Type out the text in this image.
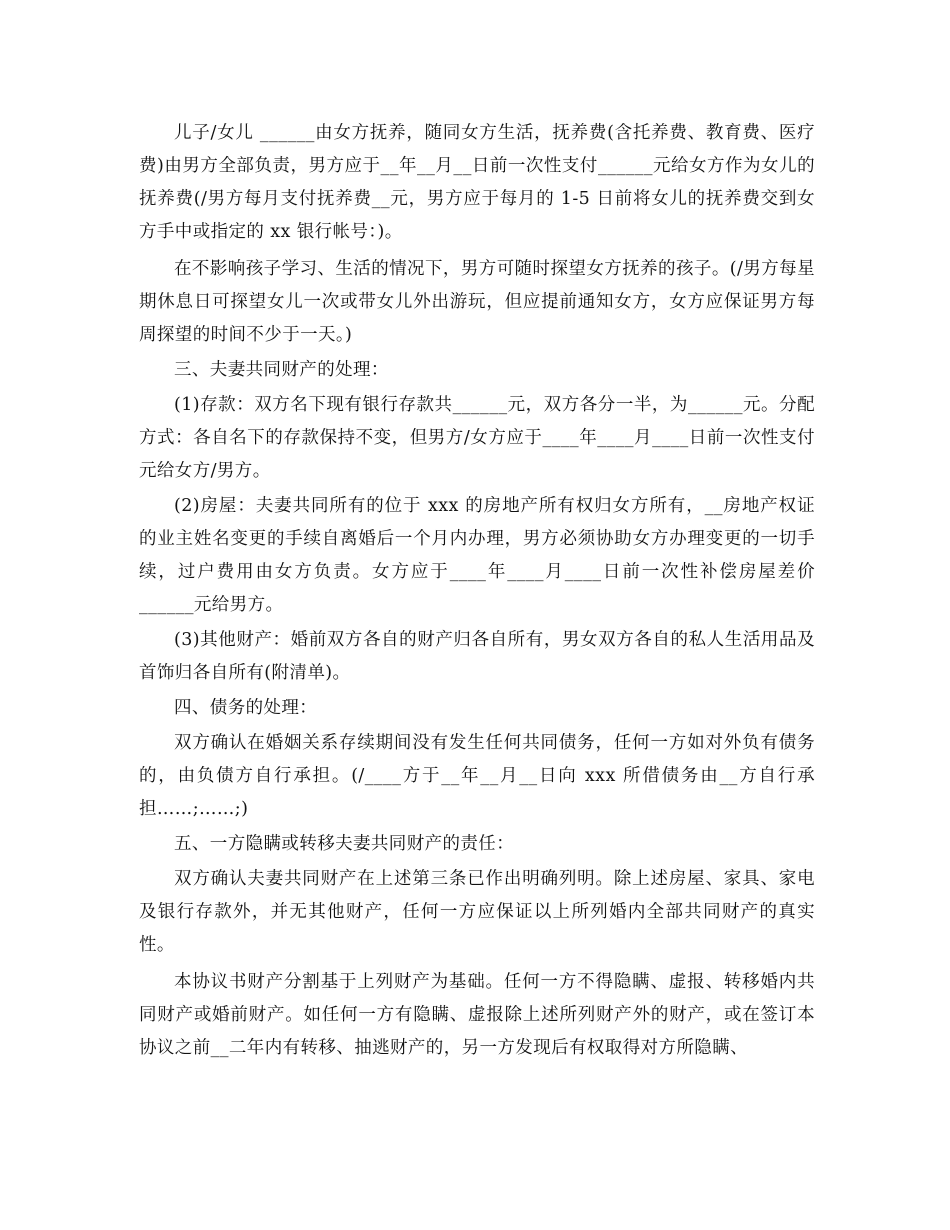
儿子/女儿 ______由女方抚养，随同女方生活，抚养费(含托养费、教育费、医疗费)由男方全部负责，男方应于__年__月__日前一次性支付______元给女方作为女儿的抚养费(/男方每月支付抚养费__元，男方应于每月的 1-5 日前将女儿的抚养费交到女方手中或指定的 xx 银行帐号：)。

在不影响孩子学习、生活的情况下，男方可随时探望女方抚养的孩子。(/男方每星期休息日可探望女儿一次或带女儿外出游玩，但应提前通知女方，女方应保证男方每周探望的时间不少于一天。)

三、夫妻共同财产的处理：

(1)存款：双方名下现有银行存款共______元，双方各分一半，为______元。分配方式：各自名下的存款保持不变，但男方/女方应于____年____月____日前一次性支付 元给女方/男方。

(2)房屋：夫妻共同所有的位于 xxx 的房地产所有权归女方所有，__房地产权证的业主姓名变更的手续自离婚后一个月内办理，男方必须协助女方办理变更的一切手续，过户费用由女方负责。女方应于____年____月____日前一次性补偿房屋差价______元给男方。

(3)其他财产：婚前双方各自的财产归各自所有，男女双方各自的私人生活用品及首饰归各自所有(附清单)。

四、债务的处理：

双方确认在婚姻关系存续期间没有发生任何共同债务，任何一方如对外负有债务的，由负债方自行承担。(/____方于__年__月__日向 xxx 所借债务由__方自行承担……;……;)

五、一方隐瞒或转移夫妻共同财产的责任：

双方确认夫妻共同财产在上述第三条已作出明确列明。除上述房屋、家具、家电及银行存款外，并无其他财产，任何一方应保证以上所列婚内全部共同财产的真实性。

本协议书财产分割基于上列财产为基础。任何一方不得隐瞒、虚报、转移婚内共同财产或婚前财产。如任何一方有隐瞒、虚报除上述所列财产外的财产，或在签订本协议之前__二年内有转移、抽逃财产的，另一方发现后有权取得对方所隐瞒、
